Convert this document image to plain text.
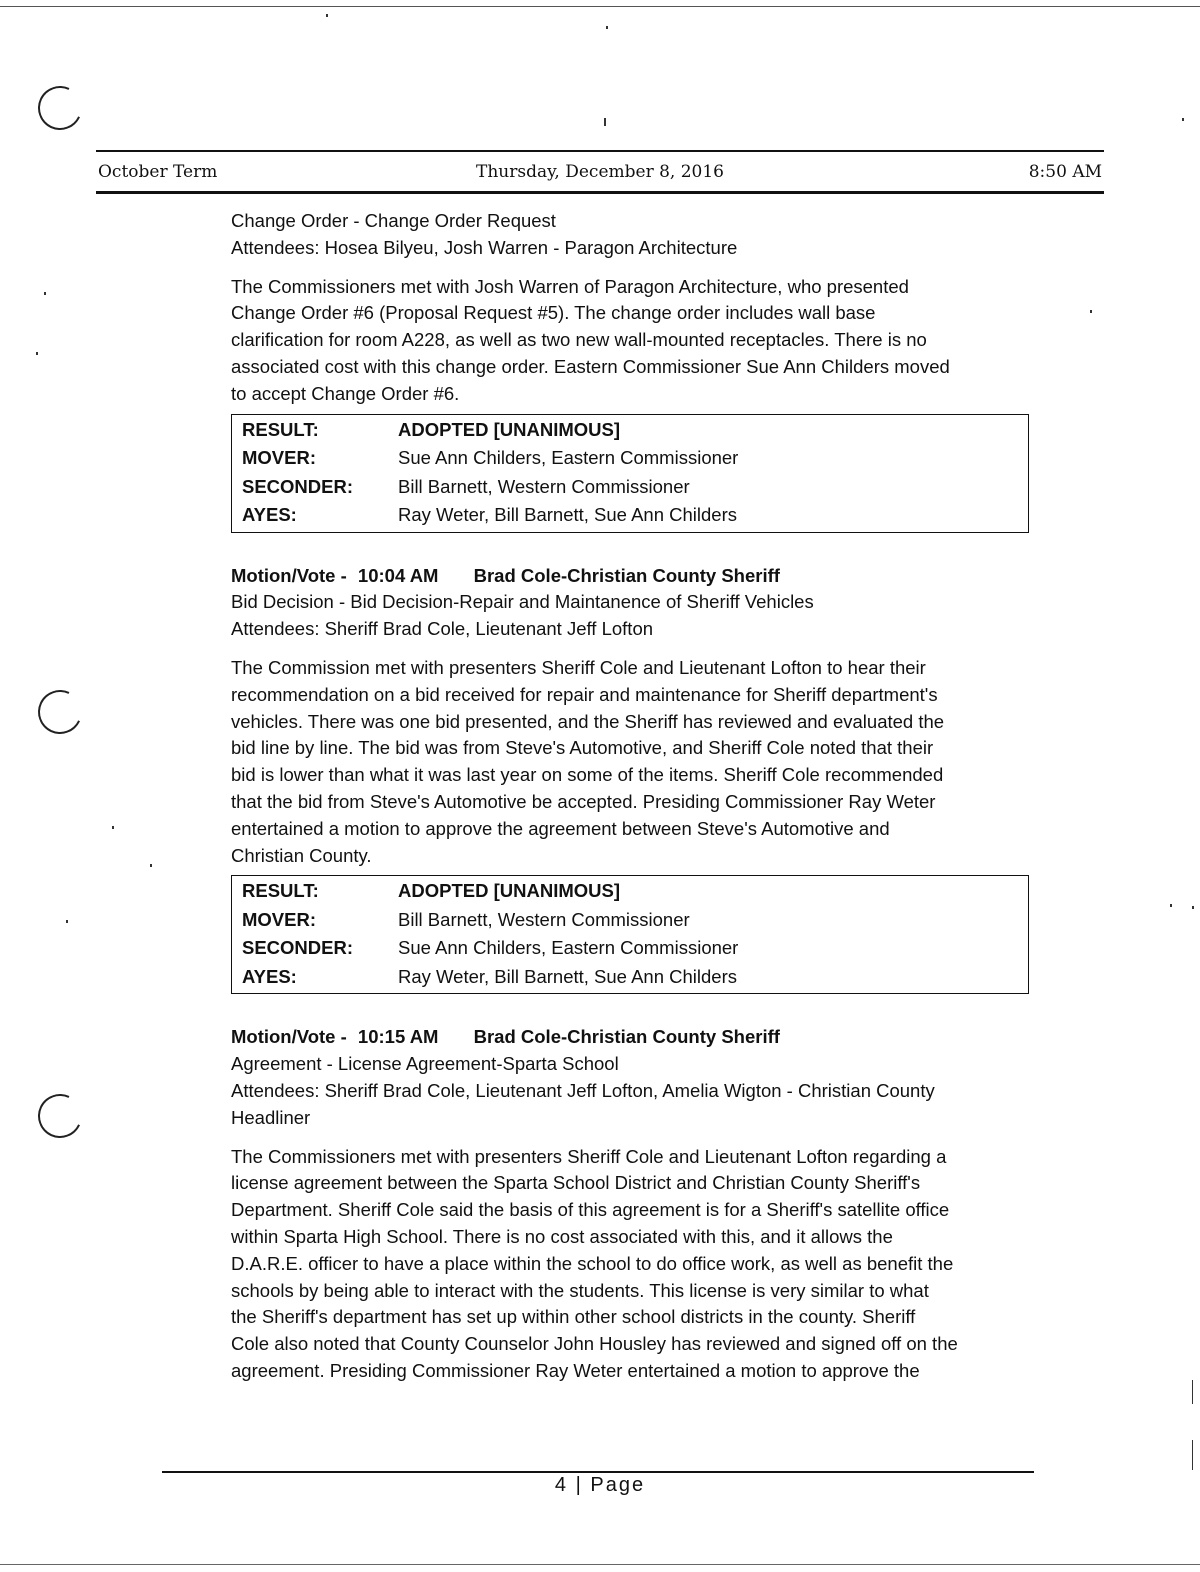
October Term	Thursday, December 8, 2016	8:50 AM
Change Order - Change Order Request
Attendees: Hosea Bilyeu, Josh Warren - Paragon Architecture
The Commissioners met with Josh Warren of Paragon Architecture, who presented
Change Order #6 (Proposal Request #5). The change order includes wall base
clarification for room A228, as well as two new wall-mounted receptacles. There is no
associated cost with this change order. Eastern Commissioner Sue Ann Childers moved
to accept Change Order #6.
RESULT:	ADOPTED [UNANIMOUS]
MOVER:	Sue Ann Childers, Eastern Commissioner
SECONDER:	Bill Barnett, Western Commissioner
AYES:	Ray Weter, Bill Barnett, Sue Ann Childers
Motion/Vote - 10:04 AM Brad Cole-Christian County Sheriff
Bid Decision - Bid Decision-Repair and Maintanence of Sheriff Vehicles
Attendees: Sheriff Brad Cole, Lieutenant Jeff Lofton
The Commission met with presenters Sheriff Cole and Lieutenant Lofton to hear their
recommendation on a bid received for repair and maintenance for Sheriff department's
vehicles. There was one bid presented, and the Sheriff has reviewed and evaluated the
bid line by line. The bid was from Steve's Automotive, and Sheriff Cole noted that their
bid is lower than what it was last year on some of the items. Sheriff Cole recommended
that the bid from Steve's Automotive be accepted. Presiding Commissioner Ray Weter
entertained a motion to approve the agreement between Steve's Automotive and
Christian County.
RESULT:	ADOPTED [UNANIMOUS]
MOVER:	Bill Barnett, Western Commissioner
SECONDER:	Sue Ann Childers, Eastern Commissioner
AYES:	Ray Weter, Bill Barnett, Sue Ann Childers
Motion/Vote - 10:15 AM Brad Cole-Christian County Sheriff
Agreement - License Agreement-Sparta School
Attendees: Sheriff Brad Cole, Lieutenant Jeff Lofton, Amelia Wigton - Christian County
Headliner
The Commissioners met with presenters Sheriff Cole and Lieutenant Lofton regarding a
license agreement between the Sparta School District and Christian County Sheriff's
Department. Sheriff Cole said the basis of this agreement is for a Sheriff's satellite office
within Sparta High School. There is no cost associated with this, and it allows the
D.A.R.E. officer to have a place within the school to do office work, as well as benefit the
schools by being able to interact with the students. This license is very similar to what
the Sheriff's department has set up within other school districts in the county. Sheriff
Cole also noted that County Counselor John Housley has reviewed and signed off on the
agreement. Presiding Commissioner Ray Weter entertained a motion to approve the
4 | Page
